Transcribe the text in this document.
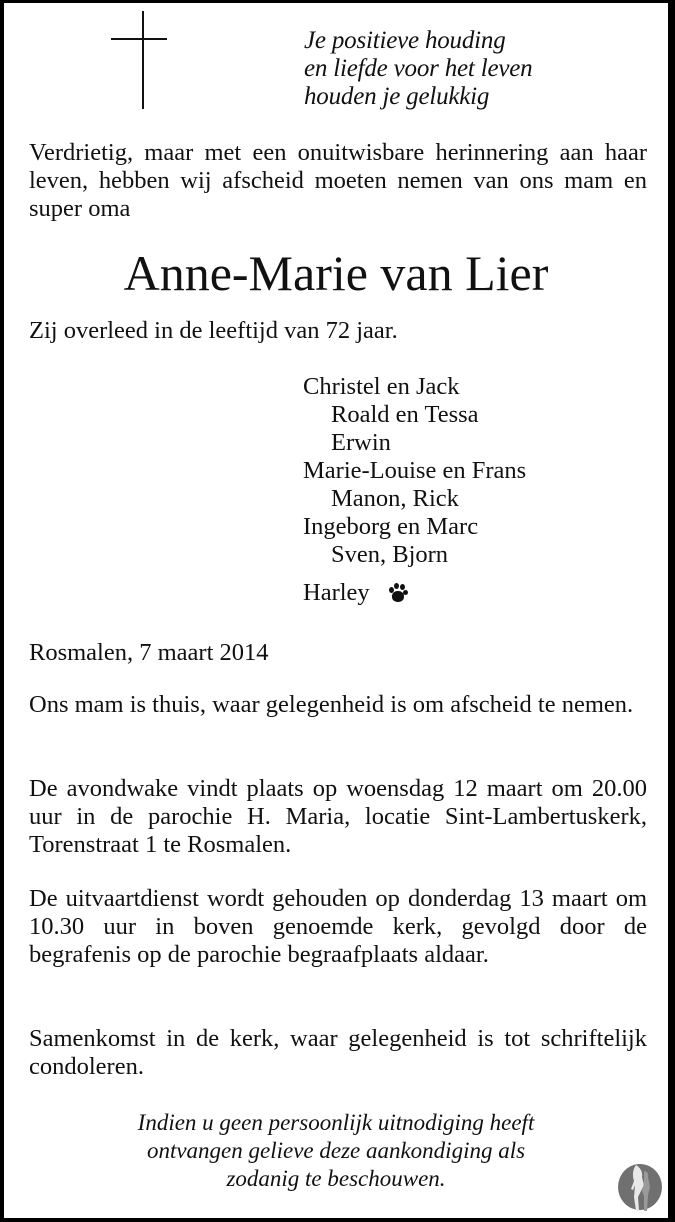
Je positieve houding
en liefde voor het leven
houden je gelukkig
Verdrietig, maar met een onuitwisbare herinnering aan haar leven, hebben wij afscheid moeten nemen van ons mam en super oma
Anne-Marie van Lier
Zij overleed in de leeftijd van 72 jaar.
Christel en Jack
Roald en Tessa
Erwin
Marie-Louise en Frans
Manon, Rick
Ingeborg en Marc
Sven, Bjorn
Harley
Rosmalen, 7 maart 2014
Ons mam is thuis, waar gelegenheid is om afscheid te nemen.
De avondwake vindt plaats op woensdag 12 maart om 20.00 uur in de parochie H. Maria, locatie Sint-Lambertuskerk, Torenstraat 1 te Rosmalen.
De uitvaartdienst wordt gehouden op donderdag 13 maart om 10.30 uur in boven genoemde kerk, gevolgd door de begrafenis op de parochie begraafplaats aldaar.
Samenkomst in de kerk, waar gelegenheid is tot schriftelijk condoleren.
Indien u geen persoonlijk uitnodiging heeft
ontvangen gelieve deze aankondiging als
zodanig te beschouwen.
